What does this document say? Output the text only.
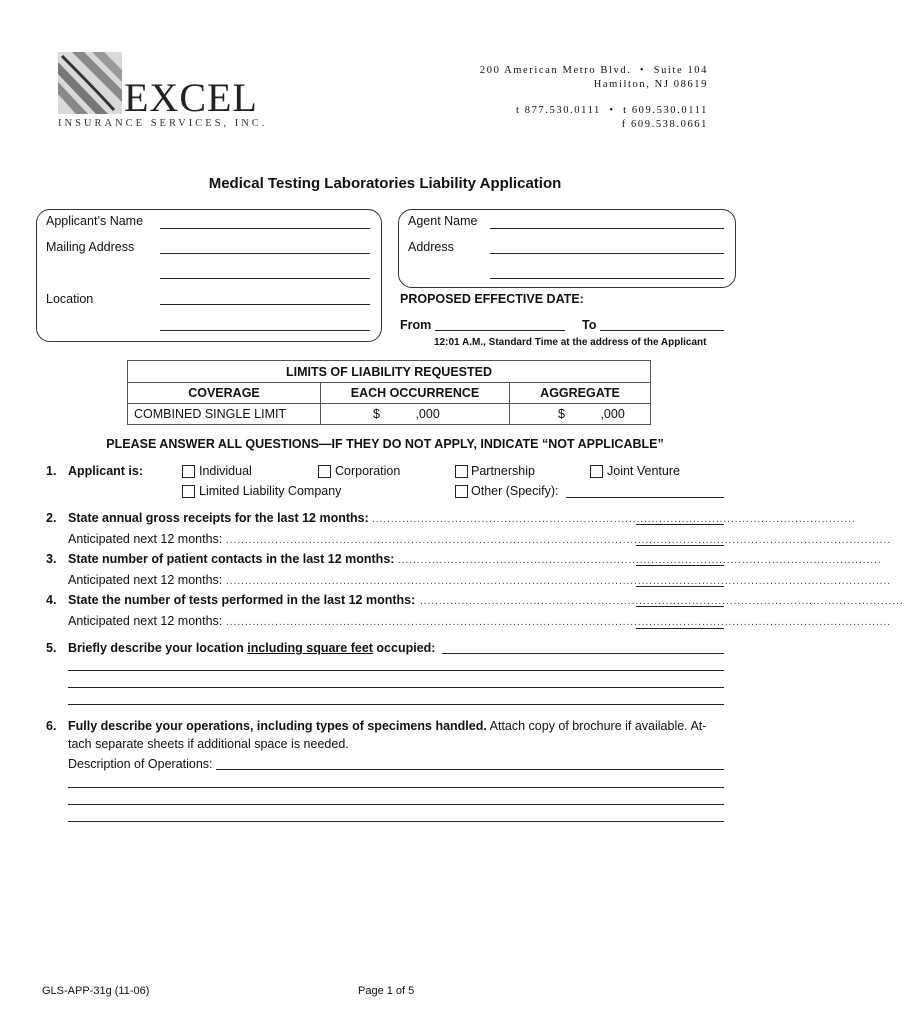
EXCEL
INSURANCE SERVICES, INC.
200 American Metro Blvd.  •  Suite 104
Hamilton, NJ 08619
t 877.530.0111  •  t 609.530.0111
f 609.538.0661
Medical Testing Laboratories Liability Application
Applicant’s Name
Mailing Address
Location
Agent Name
Address
PROPOSED EFFECTIVE DATE:
From	To
12:01 A.M., Standard Time at the address of the Applicant
LIMITS OF LIABILITY REQUESTED
COVERAGE	EACH OCCURRENCE	AGGREGATE
COMBINED SINGLE LIMIT	$ ,000	$ ,000
PLEASE ANSWER ALL QUESTIONS—IF THEY DO NOT APPLY, INDICATE “NOT APPLICABLE”
1. Applicant is:	Individual	Corporation	Partnership	Joint Venture
Limited Liability Company	Other (Specify):
2. State annual gross receipts for the last 12 months: ................................................................................................................................
Anticipated next 12 months: ................................................................................................................................................................................
3. State number of patient contacts in the last 12 months: ................................................................................................................................
Anticipated next 12 months: ................................................................................................................................................................................
4. State the number of tests performed in the last 12 months: ................................................................................................................................
Anticipated next 12 months: ................................................................................................................................................................................
5. Briefly describe your location including square feet occupied:
6. Fully describe your operations, including types of specimens handled. Attach copy of brochure if available. At-
tach separate sheets if additional space is needed.
Description of Operations:
GLS-APP-31g (11-06)	Page 1 of 5
